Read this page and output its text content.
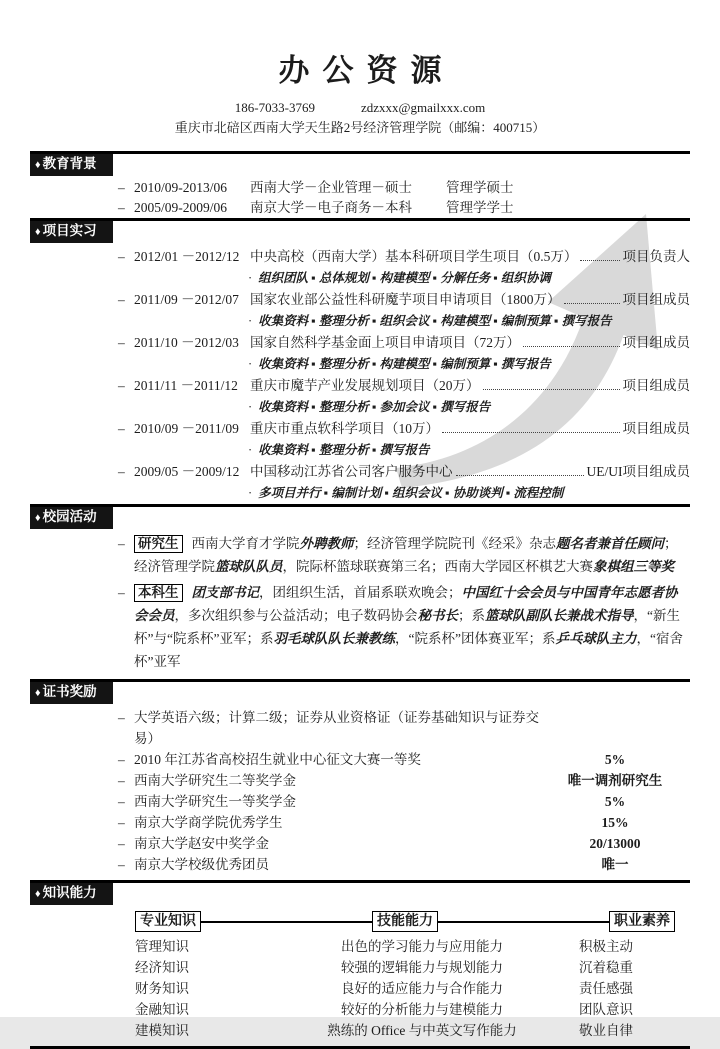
办公资源
186-7033-3769	zdzxxx@gmailxxx.com
重庆市北碚区西南大学天生路2号经济管理学院（邮编：400715）
♦ 教育背景
– 2010/09-2013/06	西南大学－企业管理－硕士	管理学硕士
– 2005/09-2009/06	南京大学－电子商务－本科	管理学学士
♦ 项目实习
– 2012/01 －2012/12 中央高校（西南大学）基本科研项目学生项目（0.5万）	项目负责人
· 组织团队 ▪ 总体规划 ▪ 构建模型 ▪ 分解任务 ▪ 组织协调
– 2011/09 －2012/07 国家农业部公益性科研魔芋项目申请项目（1800万）	项目组成员
· 收集资料 ▪ 整理分析 ▪ 组织会议 ▪ 构建模型 ▪ 编制预算 ▪ 撰写报告
– 2011/10 －2012/03 国家自然科学基金面上项目申请项目（72万）	项目组成员
· 收集资料 ▪ 整理分析 ▪ 构建模型 ▪ 编制预算 ▪ 撰写报告
– 2011/11 －2011/12 重庆市魔芋产业发展规划项目（20万）	项目组成员
· 收集资料 ▪ 整理分析 ▪ 参加会议 ▪ 撰写报告
– 2010/09 －2011/09 重庆市重点软科学项目（10万）	项目组成员
· 收集资料 ▪ 整理分析 ▪ 撰写报告
– 2009/05 －2009/12 中国移动江苏省公司客户服务中心	UE/UI项目组成员
· 多项目并行 ▪ 编制计划 ▪ 组织会议 ▪ 协助谈判 ▪ 流程控制
♦ 校园活动
– 研究生 西南大学育才学院外聘教师；经济管理学院院刊《经采》杂志题名者兼首任顾问；经济管理学院篮球队队员，院际杯篮球联赛第三名；西南大学园区杯棋艺大赛象棋组三等奖
– 本科生 团支部书记，团组织生活，首届系联欢晚会；中国红十会会员与中国青年志愿者协会会员，多次组织参与公益活动；电子数码协会秘书长；系篮球队副队长兼战术指导，“新生杯”与“院系杯”亚军；系羽毛球队队长兼教练，“院系杯”团体赛亚军；系乒乓球队主力，“宿舍杯”亚军
♦ 证书奖励
– 大学英语六级；计算二级；证券从业资格证（证券基础知识与证券交易）
– 2010 年江苏省高校招生就业中心征文大赛一等奖	5%
– 西南大学研究生二等奖学金	唯一调剂研究生
– 西南大学研究生一等奖学金	5%
– 南京大学商学院优秀学生	15%
– 南京大学赵安中奖学金	20/13000
– 南京大学校级优秀团员	唯一
♦ 知识能力
专业知识	技能能力	职业素养
管理知识	出色的学习能力与应用能力	积极主动
经济知识	较强的逻辑能力与规划能力	沉着稳重
财务知识	良好的适应能力与合作能力	责任感强
金融知识	较好的分析能力与建模能力	团队意识
建模知识	熟练的 Office 与中英文写作能力	敬业自律
